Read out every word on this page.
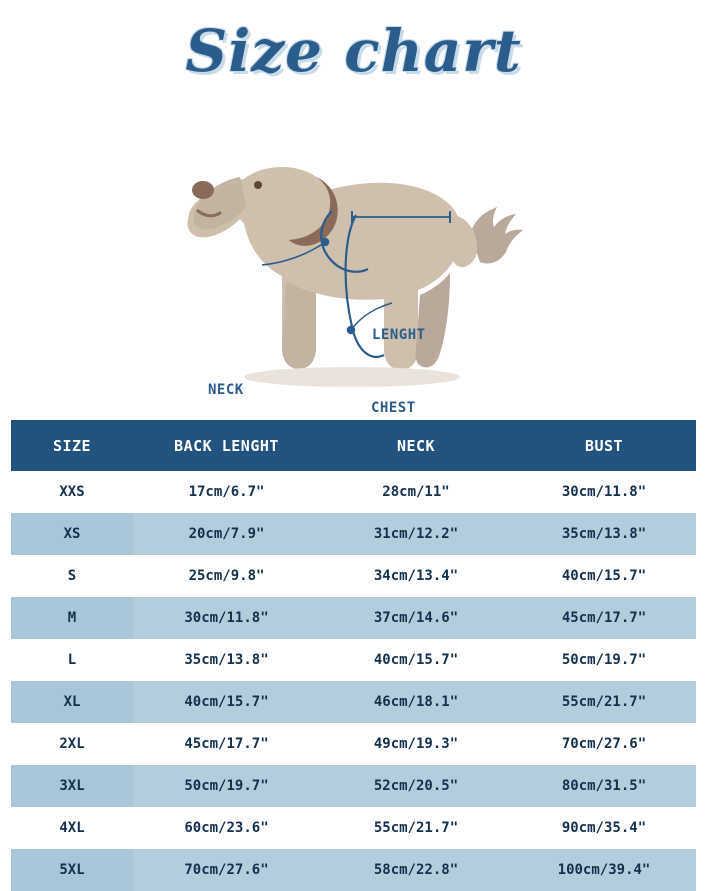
Size chart
LENGHT
NECK
CHEST
SIZE	BACK LENGHT	NECK	BUST
XXS	17cm/6.7"	28cm/11"	30cm/11.8"
XS	20cm/7.9"	31cm/12.2"	35cm/13.8"
S	25cm/9.8"	34cm/13.4"	40cm/15.7"
M	30cm/11.8"	37cm/14.6"	45cm/17.7"
L	35cm/13.8"	40cm/15.7"	50cm/19.7"
XL	40cm/15.7"	46cm/18.1"	55cm/21.7"
2XL	45cm/17.7"	49cm/19.3"	70cm/27.6"
3XL	50cm/19.7"	52cm/20.5"	80cm/31.5"
4XL	60cm/23.6"	55cm/21.7"	90cm/35.4"
5XL	70cm/27.6"	58cm/22.8"	100cm/39.4"
